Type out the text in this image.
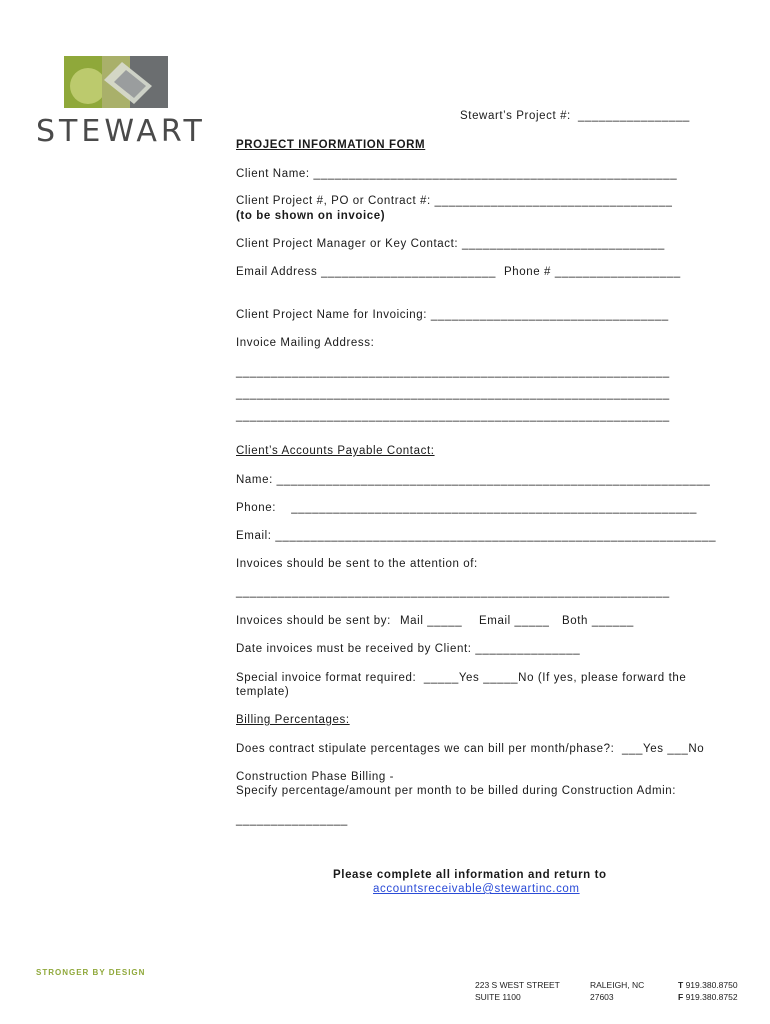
STEWART	Stewart’s Project #: ________________
PROJECT INFORMATION FORM
Client Name: ____________________________________________________
Client Project #, PO or Contract #: __________________________________
(to be shown on invoice)
Client Project Manager or Key Contact: _____________________________
Email Address _________________________ Phone # __________________
Client Project Name for Invoicing: __________________________________
Invoice Mailing Address:
______________________________________________________________
______________________________________________________________
______________________________________________________________
Client’s Accounts Payable Contact:
Name: ______________________________________________________________
Phone:    __________________________________________________________
Email: _______________________________________________________________
Invoices should be sent to the attention of:
______________________________________________________________
Invoices should be sent by: Mail _____ Email _____ Both ______
Date invoices must be received by Client: _______________
Special invoice format required:  _____Yes _____No (If yes, please forward the
template)
Billing Percentages:
Does contract stipulate percentages we can bill per month/phase?:  ___Yes ___No
Construction Phase Billing -
Specify percentage/amount per month to be billed during Construction Admin:
________________
Please complete all information and return to
accountsreceivable@stewartinc.com
STRONGER BY DESIGN
223 S WEST STREET
SUITE 1100
RALEIGH, NC
27603
T 919.380.8750
F 919.380.8752
